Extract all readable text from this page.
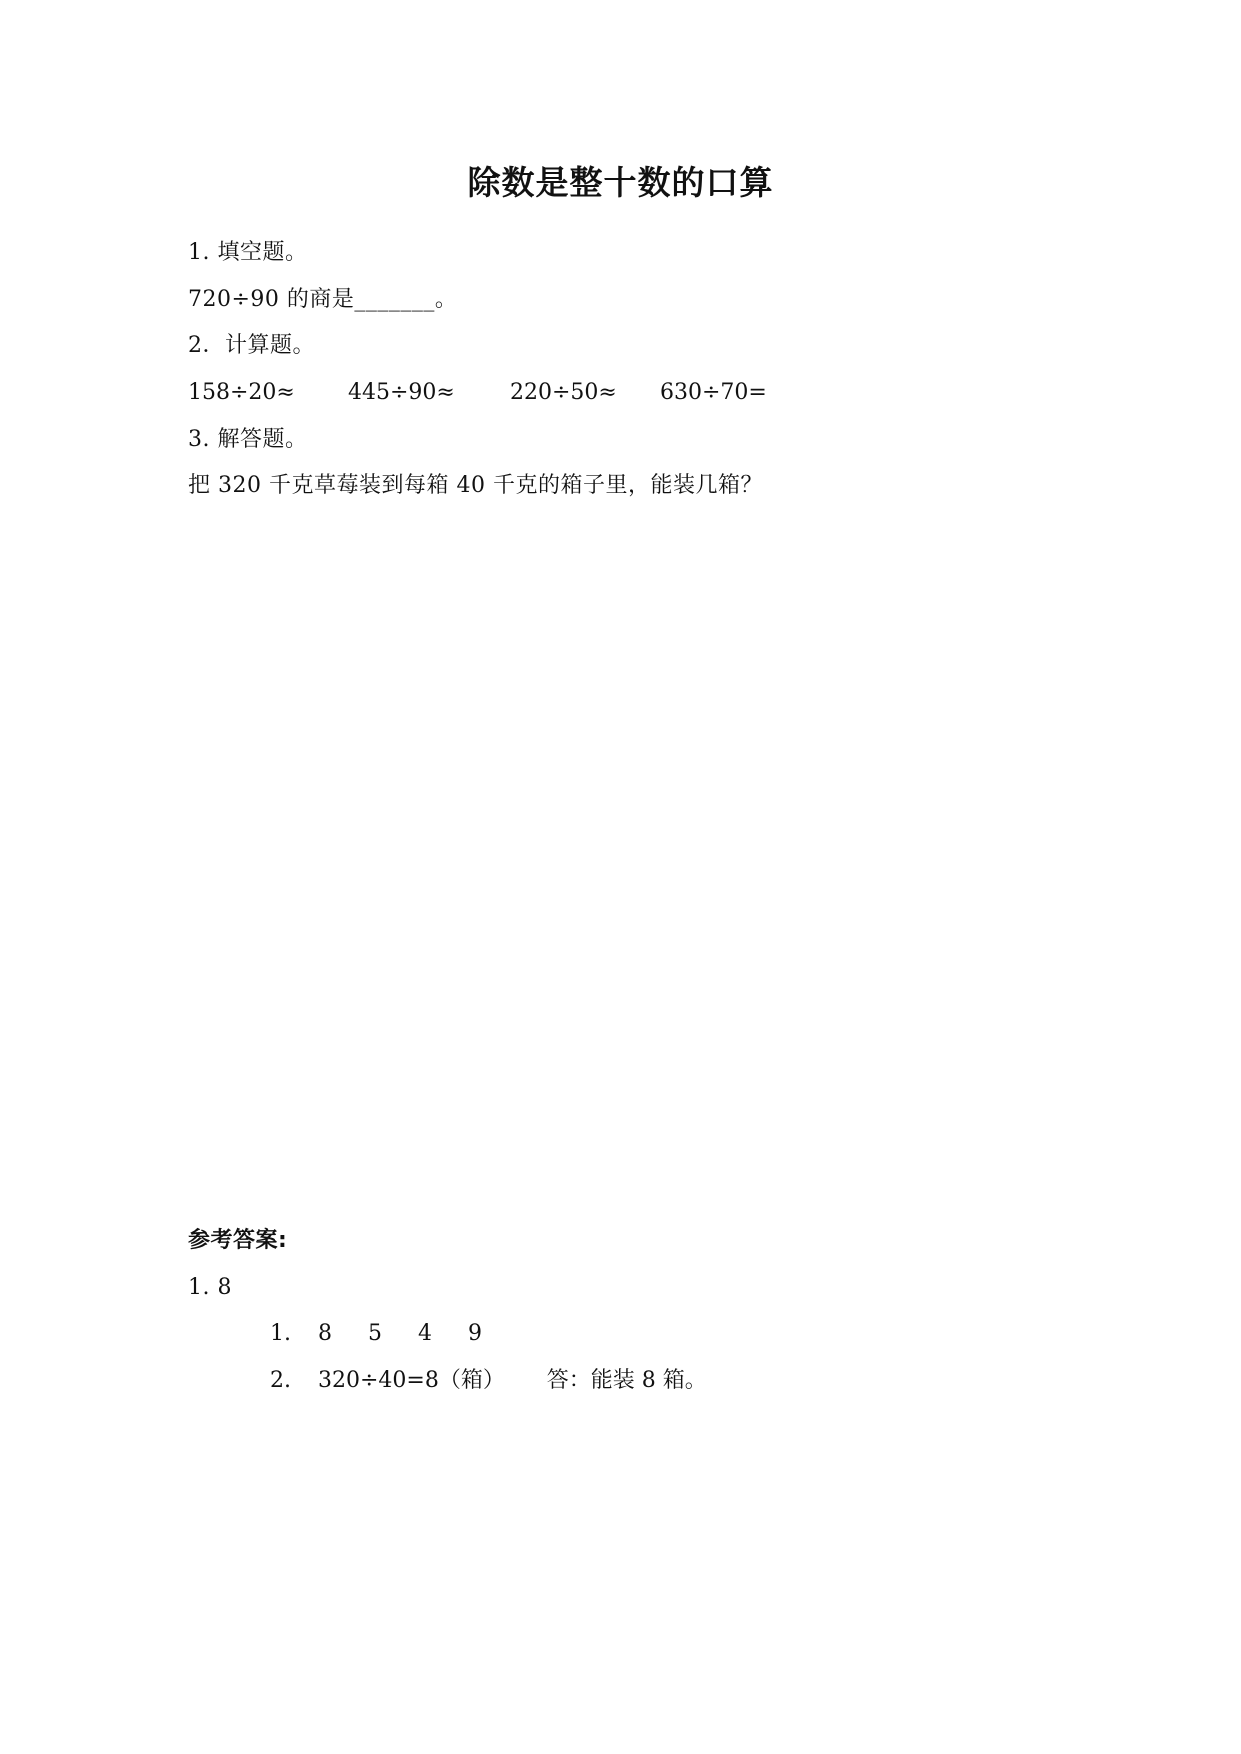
除数是整十数的口算
1. 填空题。
720÷90 的商是_______。
2．计算题。
158÷20≈	445÷90≈	220÷50≈	630÷70=
3. 解答题。
把 320 千克草莓装到每箱 40 千克的箱子里，能装几箱？
参考答案:
1. 8
1.	8	5	4	9
2.	320÷40=8（箱）      答：能装 8 箱。
